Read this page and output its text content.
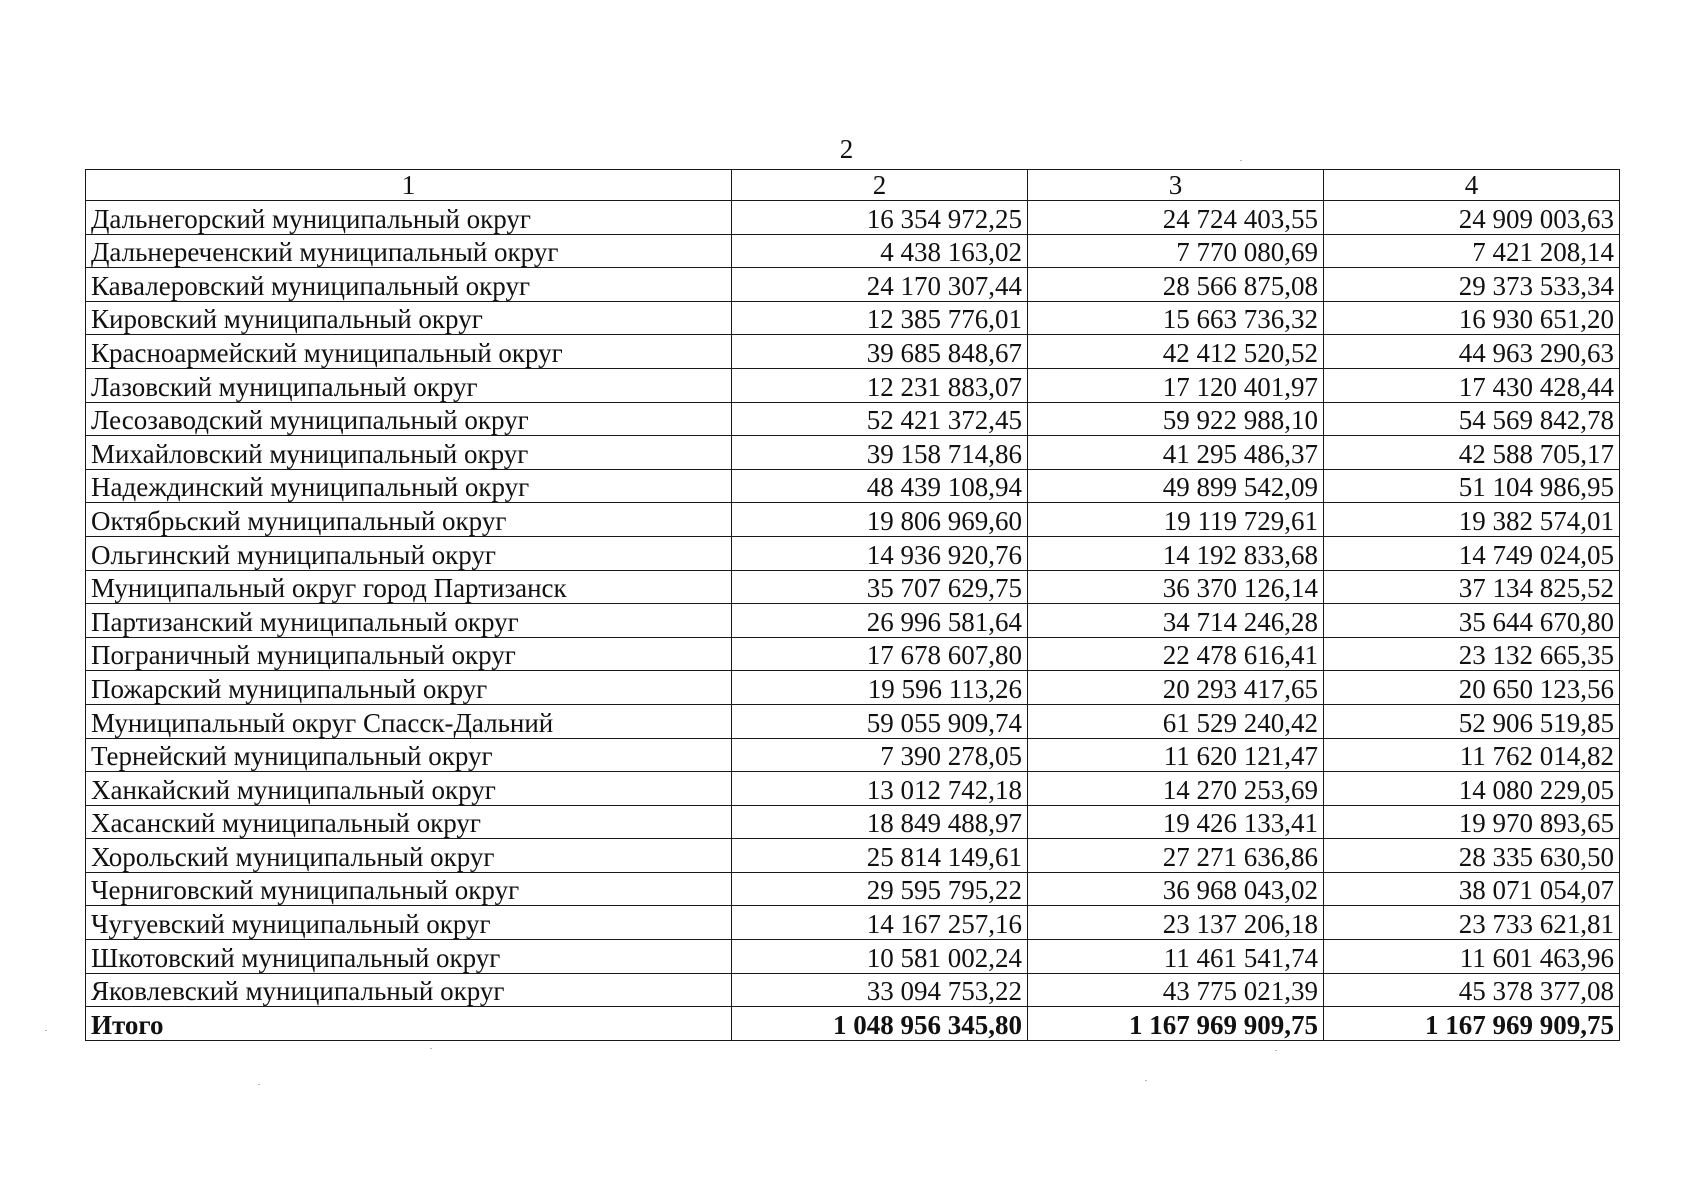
2
1	2	3	4
Дальнегорский муниципальный округ	16 354 972,25	24 724 403,55	24 909 003,63
Дальнереченский муниципальный округ	4 438 163,02	7 770 080,69	7 421 208,14
Кавалеровский муниципальный округ	24 170 307,44	28 566 875,08	29 373 533,34
Кировский муниципальный округ	12 385 776,01	15 663 736,32	16 930 651,20
Красноармейский муниципальный округ	39 685 848,67	42 412 520,52	44 963 290,63
Лазовский муниципальный округ	12 231 883,07	17 120 401,97	17 430 428,44
Лесозаводский муниципальный округ	52 421 372,45	59 922 988,10	54 569 842,78
Михайловский муниципальный округ	39 158 714,86	41 295 486,37	42 588 705,17
Надеждинский муниципальный округ	48 439 108,94	49 899 542,09	51 104 986,95
Октябрьский муниципальный округ	19 806 969,60	19 119 729,61	19 382 574,01
Ольгинский муниципальный округ	14 936 920,76	14 192 833,68	14 749 024,05
Муниципальный округ город Партизанск	35 707 629,75	36 370 126,14	37 134 825,52
Партизанский муниципальный округ	26 996 581,64	34 714 246,28	35 644 670,80
Пограничный муниципальный округ	17 678 607,80	22 478 616,41	23 132 665,35
Пожарский муниципальный округ	19 596 113,26	20 293 417,65	20 650 123,56
Муниципальный округ Спасск-Дальний	59 055 909,74	61 529 240,42	52 906 519,85
Тернейский муниципальный округ	7 390 278,05	11 620 121,47	11 762 014,82
Ханкайский муниципальный округ	13 012 742,18	14 270 253,69	14 080 229,05
Хасанский муниципальный округ	18 849 488,97	19 426 133,41	19 970 893,65
Хорольский муниципальный округ	25 814 149,61	27 271 636,86	28 335 630,50
Черниговский муниципальный округ	29 595 795,22	36 968 043,02	38 071 054,07
Чугуевский муниципальный округ	14 167 257,16	23 137 206,18	23 733 621,81
Шкотовский муниципальный округ	10 581 002,24	11 461 541,74	11 601 463,96
Яковлевский муниципальный округ	33 094 753,22	43 775 021,39	45 378 377,08
Итого	1 048 956 345,80	1 167 969 909,75	1 167 969 909,75
